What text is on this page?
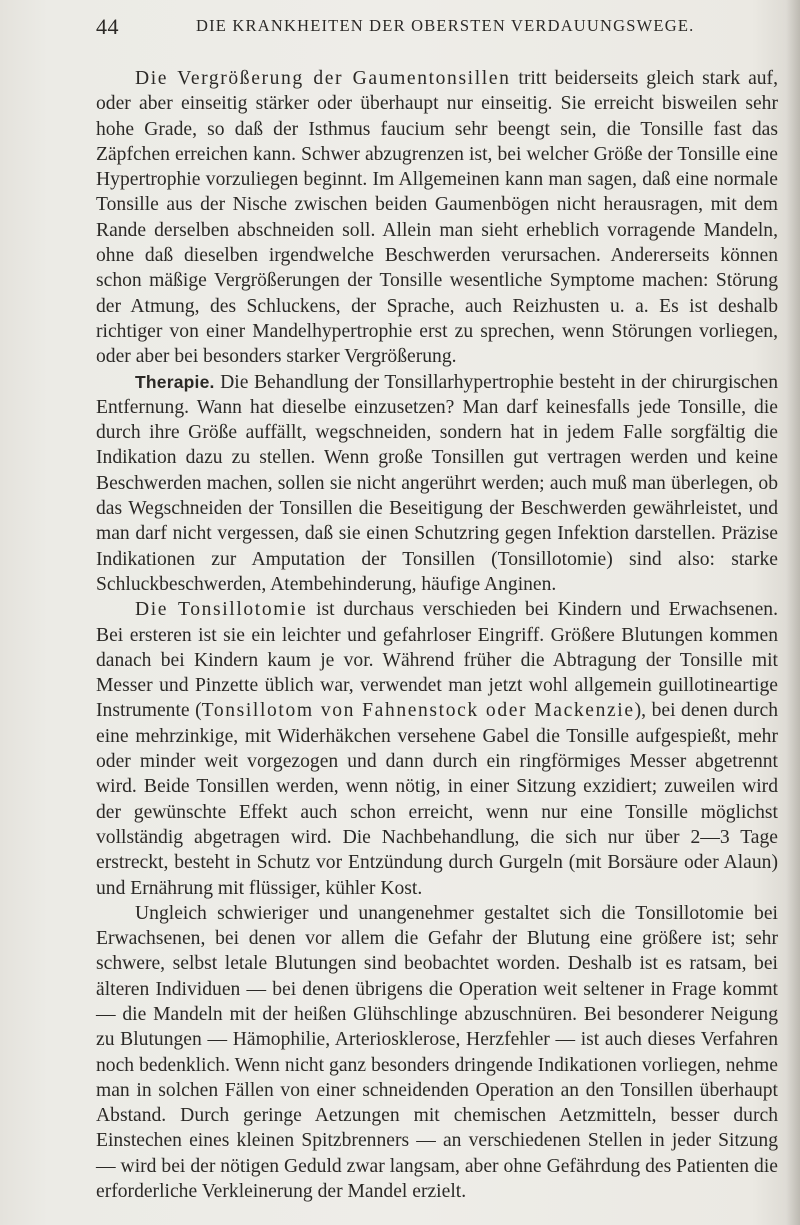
44	DIE KRANKHEITEN DER OBERSTEN VERDAUUNGSWEGE.

Die Vergrößerung der Gaumentonsillen tritt beiderseits gleich stark auf, oder aber einseitig stärker oder überhaupt nur einseitig. Sie erreicht bisweilen sehr hohe Grade, so daß der Isthmus faucium sehr beengt sein, die Tonsille fast das Zäpfchen erreichen kann. Schwer abzugrenzen ist, bei welcher Größe der Tonsille eine Hypertrophie vorzuliegen beginnt. Im Allgemeinen kann man sagen, daß eine normale Tonsille aus der Nische zwischen beiden Gaumenbögen nicht herausragen, mit dem Rande derselben abschneiden soll. Allein man sieht erheblich vorragende Mandeln, ohne daß dieselben irgendwelche Beschwerden verursachen. Andererseits können schon mäßige Vergrößerungen der Tonsille wesentliche Symptome machen: Störung der Atmung, des Schluckens, der Sprache, auch Reizhusten u. a. Es ist deshalb richtiger von einer Mandelhypertrophie erst zu sprechen, wenn Störungen vorliegen, oder aber bei besonders starker Vergrößerung.

Therapie. Die Behandlung der Tonsillarhypertrophie besteht in der chirurgischen Entfernung. Wann hat dieselbe einzusetzen? Man darf keinesfalls jede Tonsille, die durch ihre Größe auffällt, wegschneiden, sondern hat in jedem Falle sorgfältig die Indikation dazu zu stellen. Wenn große Tonsillen gut vertragen werden und keine Beschwerden machen, sollen sie nicht angerührt werden; auch muß man überlegen, ob das Wegschneiden der Tonsillen die Beseitigung der Beschwerden gewährleistet, und man darf nicht vergessen, daß sie einen Schutzring gegen Infektion darstellen. Präzise Indikationen zur Amputation der Tonsillen (Tonsillotomie) sind also: starke Schluckbeschwerden, Atembehinderung, häufige Anginen.

Die Tonsillotomie ist durchaus verschieden bei Kindern und Erwachsenen. Bei ersteren ist sie ein leichter und gefahrloser Eingriff. Größere Blutungen kommen danach bei Kindern kaum je vor. Während früher die Abtragung der Tonsille mit Messer und Pinzette üblich war, verwendet man jetzt wohl allgemein guillotineartige Instrumente (Tonsillotom von Fahnenstock oder Mackenzie), bei denen durch eine mehrzinkige, mit Widerhäkchen versehene Gabel die Tonsille aufgespießt, mehr oder minder weit vorgezogen und dann durch ein ringförmiges Messer abgetrennt wird. Beide Tonsillen werden, wenn nötig, in einer Sitzung exzidiert; zuweilen wird der gewünschte Effekt auch schon erreicht, wenn nur eine Tonsille möglichst vollständig abgetragen wird. Die Nachbehandlung, die sich nur über 2—3 Tage erstreckt, besteht in Schutz vor Entzündung durch Gurgeln (mit Borsäure oder Alaun) und Ernährung mit flüssiger, kühler Kost.

Ungleich schwieriger und unangenehmer gestaltet sich die Tonsillotomie bei Erwachsenen, bei denen vor allem die Gefahr der Blutung eine größere ist; sehr schwere, selbst letale Blutungen sind beobachtet worden. Deshalb ist es ratsam, bei älteren Individuen — bei denen übrigens die Operation weit seltener in Frage kommt — die Mandeln mit der heißen Glühschlinge abzuschnüren. Bei besonderer Neigung zu Blutungen — Hämophilie, Arteriosklerose, Herzfehler — ist auch dieses Verfahren noch bedenklich. Wenn nicht ganz besonders dringende Indikationen vorliegen, nehme man in solchen Fällen von einer schneidenden Operation an den Tonsillen überhaupt Abstand. Durch geringe Aetzungen mit chemischen Aetzmitteln, besser durch Einstechen eines kleinen Spitzbrenners — an verschiedenen Stellen in jeder Sitzung — wird bei der nötigen Geduld zwar langsam, aber ohne Gefährdung des Patienten die erforderliche Verkleinerung der Mandel erzielt.
